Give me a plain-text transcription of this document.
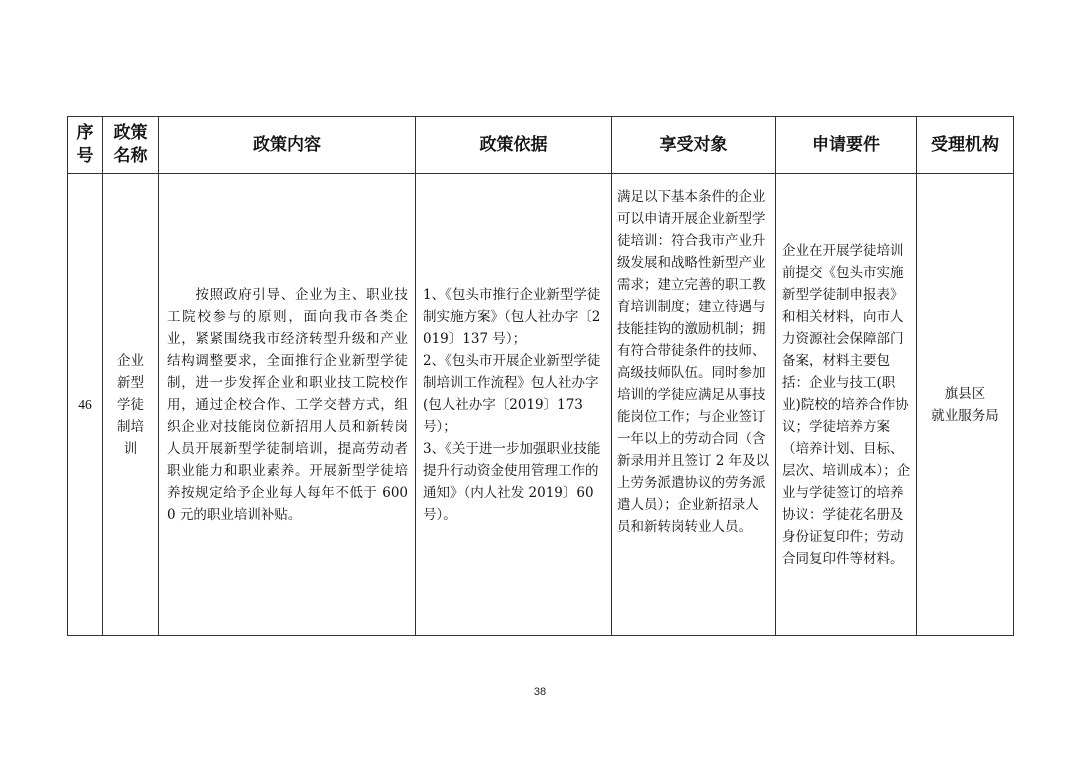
序
号	政策
名称	政策内容	政策依据	享受对象	申请要件	受理机构

46	企业
新型
学徒
制培
训	　　按照政府引导、企业为主、职业技工院校参与的原则，面向我市各类企业，紧紧围绕我市经济转型升级和产业结构调整要求，全面推行企业新型学徒制，进一步发挥企业和职业技工院校作用，通过企校合作、工学交替方式，组织企业对技能岗位新招用人员和新转岗人员开展新型学徒制培训，提高劳动者职业能力和职业素养。开展新型学徒培养按规定给予企业每人每年不低于 6000 元的职业培训补贴。	1、《包头市推行企业新型学徒制实施方案》（包人社办字〔2019〕137 号）；
2、《包头市开展企业新型学徒制培训工作流程》包人社办字(包人社办字〔2019〕173 号）；
3、《关于进一步加强职业技能提升行动资金使用管理工作的通知》（内人社发 2019〕60 号）。	满足以下基本条件的企业可以申请开展企业新型学徒培训：符合我市产业升级发展和战略性新型产业需求；建立完善的职工教育培训制度；建立待遇与技能挂钩的激励机制；拥有符合带徒条件的技师、高级技师队伍。同时参加培训的学徒应满足从事技能岗位工作；与企业签订一年以上的劳动合同（含新录用并且签订 2 年及以上劳务派遣协议的劳务派遣人员）；企业新招录人员和新转岗转业人员。	企业在开展学徒培训前提交《包头市实施新型学徒制申报表》和相关材料，向市人力资源社会保障部门备案，材料主要包括：企业与技工(职业)院校的培养合作协议；学徒培养方案（培养计划、目标、层次、培训成本）；企业与学徒签订的培养协议：学徒花名册及身份证复印件；劳动合同复印件等材料。	旗县区
就业服务局
38
